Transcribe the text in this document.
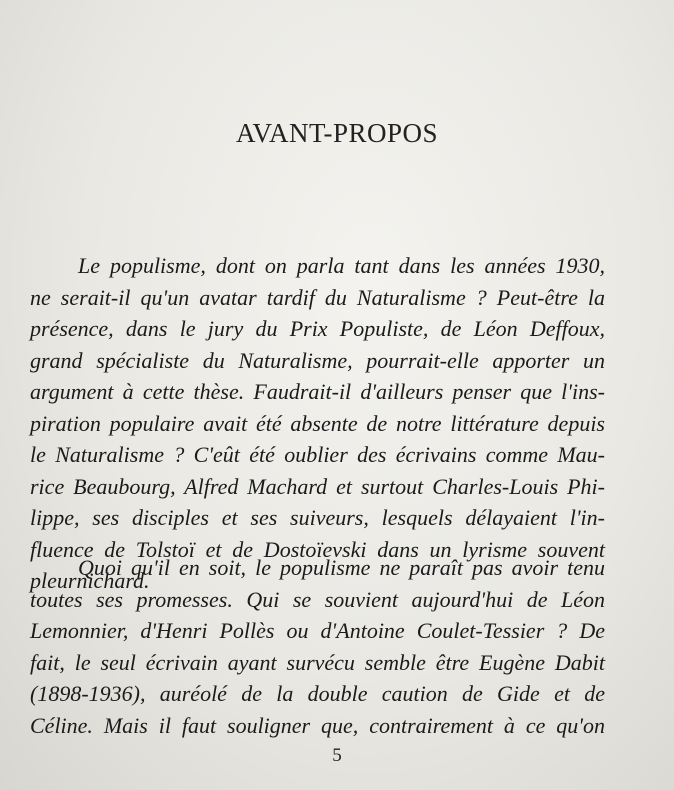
AVANT-PROPOS
Le populisme, dont on parla tant dans les années 1930,
ne serait-il qu'un avatar tardif du Naturalisme ? Peut-être la
présence, dans le jury du Prix Populiste, de Léon Deffoux,
grand spécialiste du Naturalisme, pourrait-elle apporter un
argument à cette thèse. Faudrait-il d'ailleurs penser que l'ins-
piration populaire avait été absente de notre littérature depuis
le Naturalisme ? C'eût été oublier des écrivains comme Mau-
rice Beaubourg, Alfred Machard et surtout Charles-Louis Phi-
lippe, ses disciples et ses suiveurs, lesquels délayaient l'in-
fluence de Tolstoï et de Dostoïevski dans un lyrisme souvent
pleurnichard.
Quoi qu'il en soit, le populisme ne paraît pas avoir tenu
toutes ses promesses. Qui se souvient aujourd'hui de Léon
Lemonnier, d'Henri Pollès ou d'Antoine Coulet-Tessier ? De
fait, le seul écrivain ayant survécu semble être Eugène Dabit
(1898-1936), auréolé de la double caution de Gide et de
Céline. Mais il faut souligner que, contrairement à ce qu'on
5
